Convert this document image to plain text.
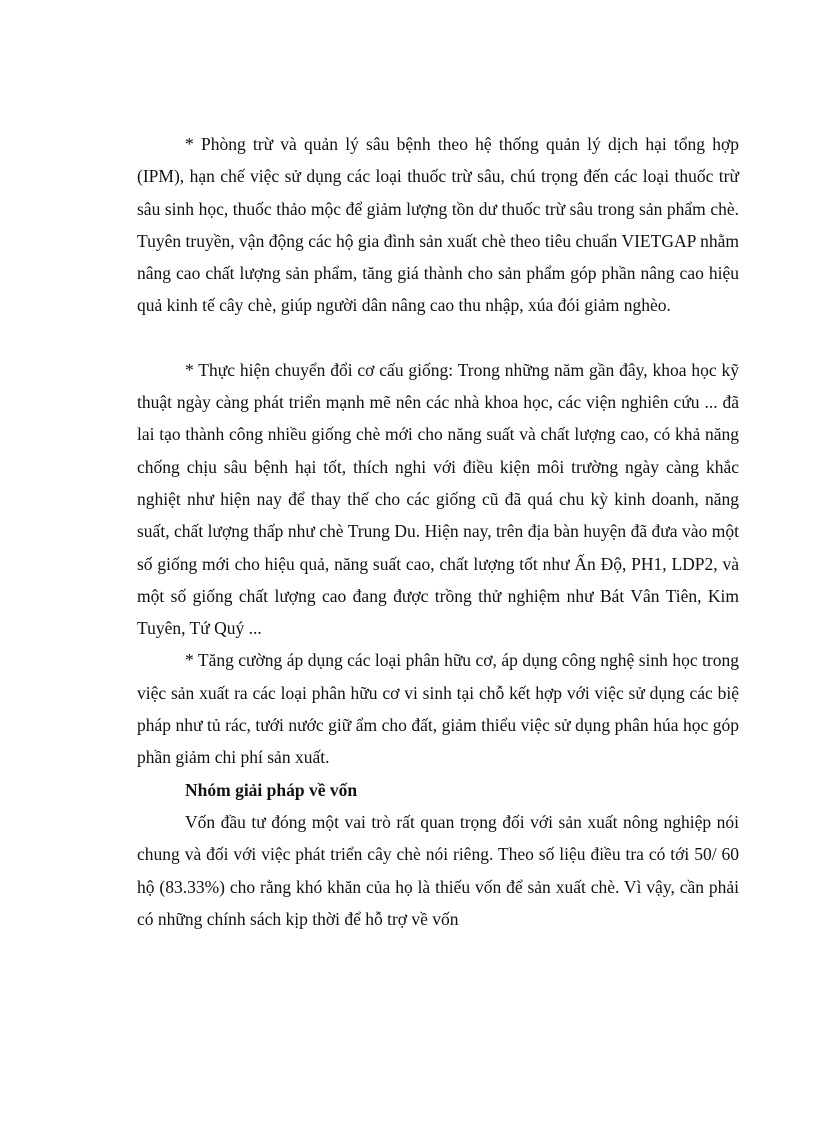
* Phòng trừ và quản lý sâu bệnh theo hệ thống quản lý dịch hại tổng hợp (IPM), hạn chế việc sử dụng các loại thuốc trừ sâu, chú trọng đến các loại thuốc trừ sâu sinh học, thuốc thảo mộc để giảm lượng tồn dư thuốc trừ sâu trong sản phẩm chè. Tuyên truyền, vận động các hộ gia đình sản xuất chè theo tiêu chuẩn VIETGAP nhằm nâng cao chất lượng sản phẩm, tăng giá thành cho sản phẩm góp phần nâng cao hiệu quả kinh tế cây chè, giúp người dân nâng cao thu nhập, xúa đói giảm nghèo.

* Thực hiện chuyển đổi cơ cấu giống: Trong những năm gần đây, khoa học kỹ thuật ngày càng phát triển mạnh mẽ nên các nhà khoa học, các viện nghiên cứu ... đã lai tạo thành công nhiều giống chè mới cho năng suất và chất lượng cao, có khả năng chống chịu sâu bệnh hại tốt, thích nghi với điều kiện môi trường ngày càng khắc nghiệt như hiện nay để thay thế cho các giống cũ đã quá chu kỳ kinh doanh, năng suất, chất lượng thấp như chè Trung Du. Hiện nay, trên địa bàn huyện đã đưa vào một số giống mới cho hiệu quả, năng suất cao, chất lượng tốt như Ấn Độ, PH1, LDP2, và một số giống chất lượng cao đang được trồng thử nghiệm như Bát Vân Tiên, Kim Tuyên, Tứ Quý ...

* Tăng cường áp dụng các loại phân hữu cơ, áp dụng công nghệ sinh học trong việc sản xuất ra các loại phân hữu cơ vi sinh tại chỗ kết hợp với việc sử dụng các biệ pháp như tủ rác, tưới nước giữ ẩm cho đất, giảm thiểu việc sử dụng phân húa học góp phần giảm chi phí sản xuất.

Nhóm giải pháp về vốn

Vốn đầu tư đóng một vai trò rất quan trọng đối với sản xuất nông nghiệp nói chung và đối với việc phát triển cây chè nói riêng. Theo số liệu điều tra có tới 50/ 60 hộ (83.33%) cho rằng khó khăn của họ là thiếu vốn để sản xuất chè. Vì vậy, cần phải có những chính sách kịp thời để hỗ trợ về vốn
